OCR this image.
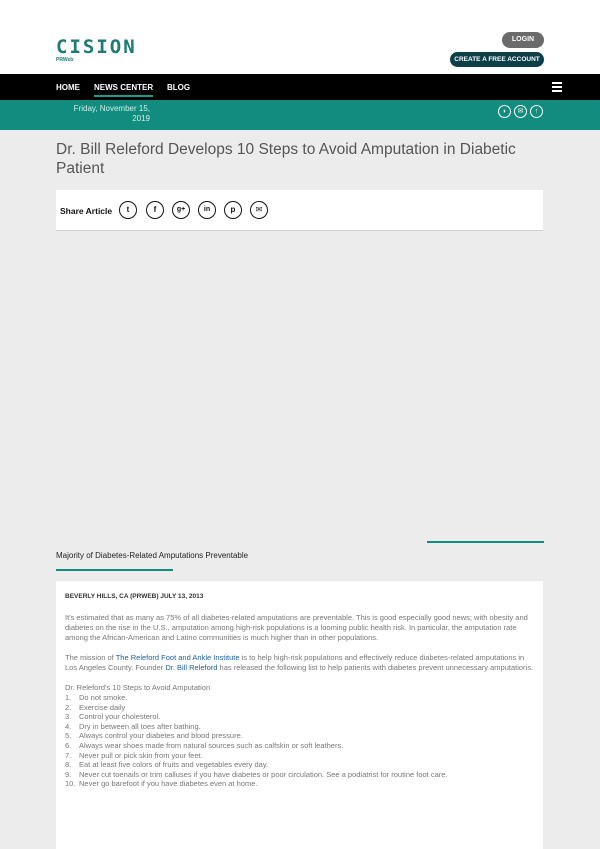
CISION
PRWeb
LOGIN
CREATE A FREE ACCOUNT
HOME NEWS CENTER BLOG
Friday, November 15,
2019
◗	✉	↑
Dr. Bill Releford Develops 10 Steps to Avoid Amputation in Diabetic Patient
Share Article	t	f	g+	in	p	✉
Majority of Diabetes-Related Amputations Preventable
BEVERLY HILLS, CA (PRWEB) JULY 13, 2013

It's estimated that as many as 75% of all diabetes-related amputations are preventable. This is good especially good news; with obesity and diabetes on the rise in the U.S., amputation among high-risk populations is a looming public health risk. In particular, the amputation rate among the African-American and Latino communities is much higher than in other populations.

The mission of The Releford Foot and Ankle Institute is to help high-risk populations and effectively reduce diabetes-related amputations in Los Angeles County. Founder Dr. Bill Releford has released the following list to help patients with diabetes prevent unnecessary amputations.

Dr. Releford's 10 Steps to Avoid Amputation
1. Do not smoke.
2. Exercise daily
3. Control your cholesterol.
4. Dry in between all toes after bathing.
5. Always control your diabetes and blood pressure.
6. Always wear shoes made from natural sources such as calfskin or soft leathers.
7. Never pull or pick skin from your feet.
8. Eat at least five colors of fruits and vegetables every day.
9. Never cut toenails or trim calluses if you have diabetes or poor circulation. See a podiatrist for routine foot care.
10. Never go barefoot if you have diabetes even at home.
